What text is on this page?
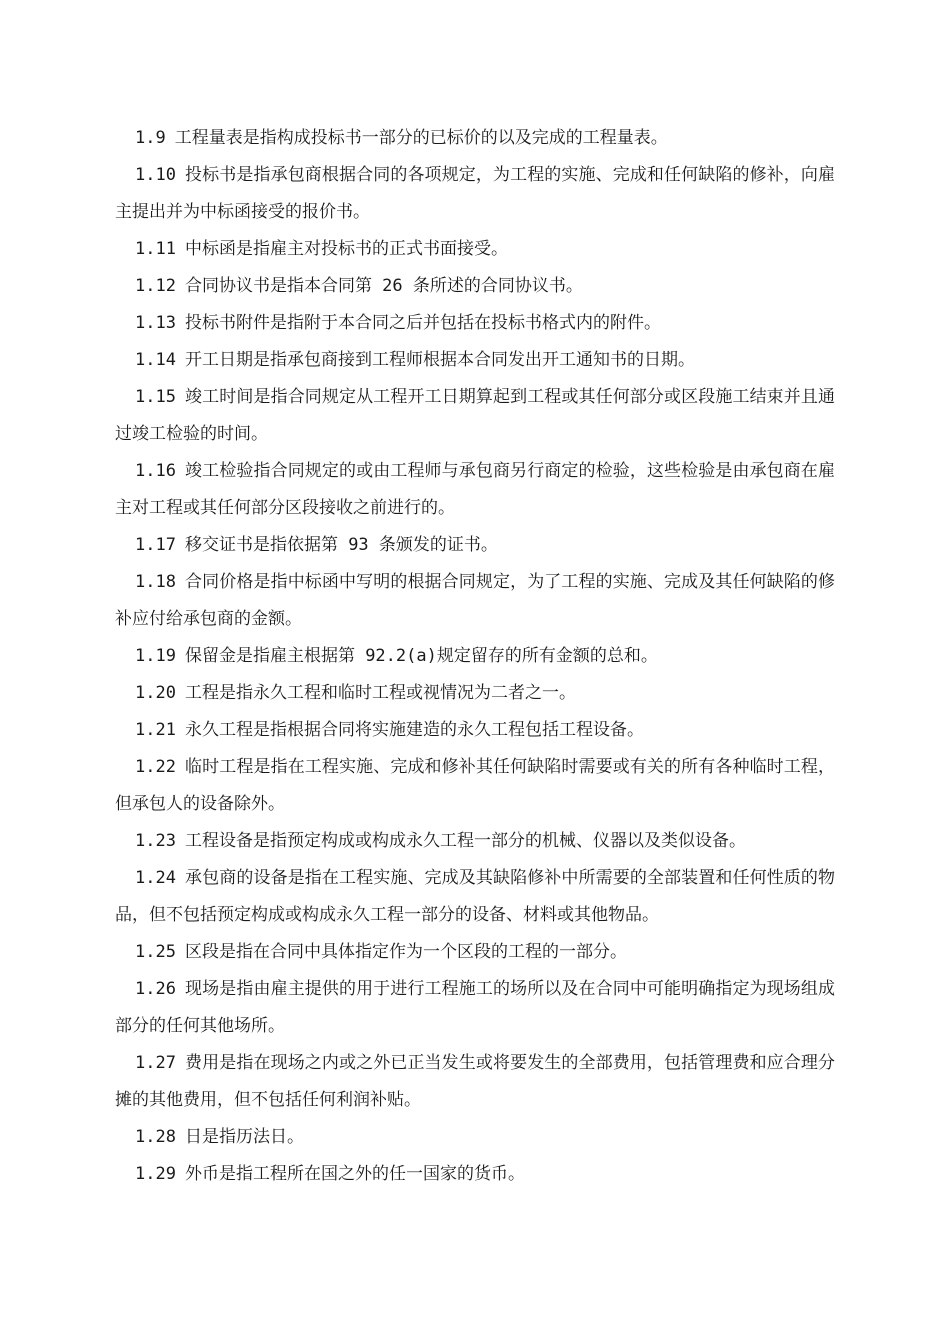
1.9 工程量表是指构成投标书一部分的已标价的以及完成的工程量表。

1.10 投标书是指承包商根据合同的各项规定，为工程的实施、完成和任何缺陷的修补，向雇主提出并为中标函接受的报价书。

1.11 中标函是指雇主对投标书的正式书面接受。

1.12 合同协议书是指本合同第 26 条所述的合同协议书。

1.13 投标书附件是指附于本合同之后并包括在投标书格式内的附件。

1.14 开工日期是指承包商接到工程师根据本合同发出开工通知书的日期。

1.15 竣工时间是指合同规定从工程开工日期算起到工程或其任何部分或区段施工结束并且通过竣工检验的时间。

1.16 竣工检验指合同规定的或由工程师与承包商另行商定的检验，这些检验是由承包商在雇主对工程或其任何部分区段接收之前进行的。

1.17 移交证书是指依据第 93 条颁发的证书。

1.18 合同价格是指中标函中写明的根据合同规定，为了工程的实施、完成及其任何缺陷的修补应付给承包商的金额。

1.19 保留金是指雇主根据第 92.2(a)规定留存的所有金额的总和。

1.20 工程是指永久工程和临时工程或视情况为二者之一。

1.21 永久工程是指根据合同将实施建造的永久工程包括工程设备。

1.22 临时工程是指在工程实施、完成和修补其任何缺陷时需要或有关的所有各种临时工程，但承包人的设备除外。

1.23 工程设备是指预定构成或构成永久工程一部分的机械、仪器以及类似设备。

1.24 承包商的设备是指在工程实施、完成及其缺陷修补中所需要的全部装置和任何性质的物品，但不包括预定构成或构成永久工程一部分的设备、材料或其他物品。

1.25 区段是指在合同中具体指定作为一个区段的工程的一部分。

1.26 现场是指由雇主提供的用于进行工程施工的场所以及在合同中可能明确指定为现场组成部分的任何其他场所。

1.27 费用是指在现场之内或之外已正当发生或将要发生的全部费用，包括管理费和应合理分摊的其他费用，但不包括任何利润补贴。

1.28 日是指历法日。

1.29 外币是指工程所在国之外的任一国家的货币。
